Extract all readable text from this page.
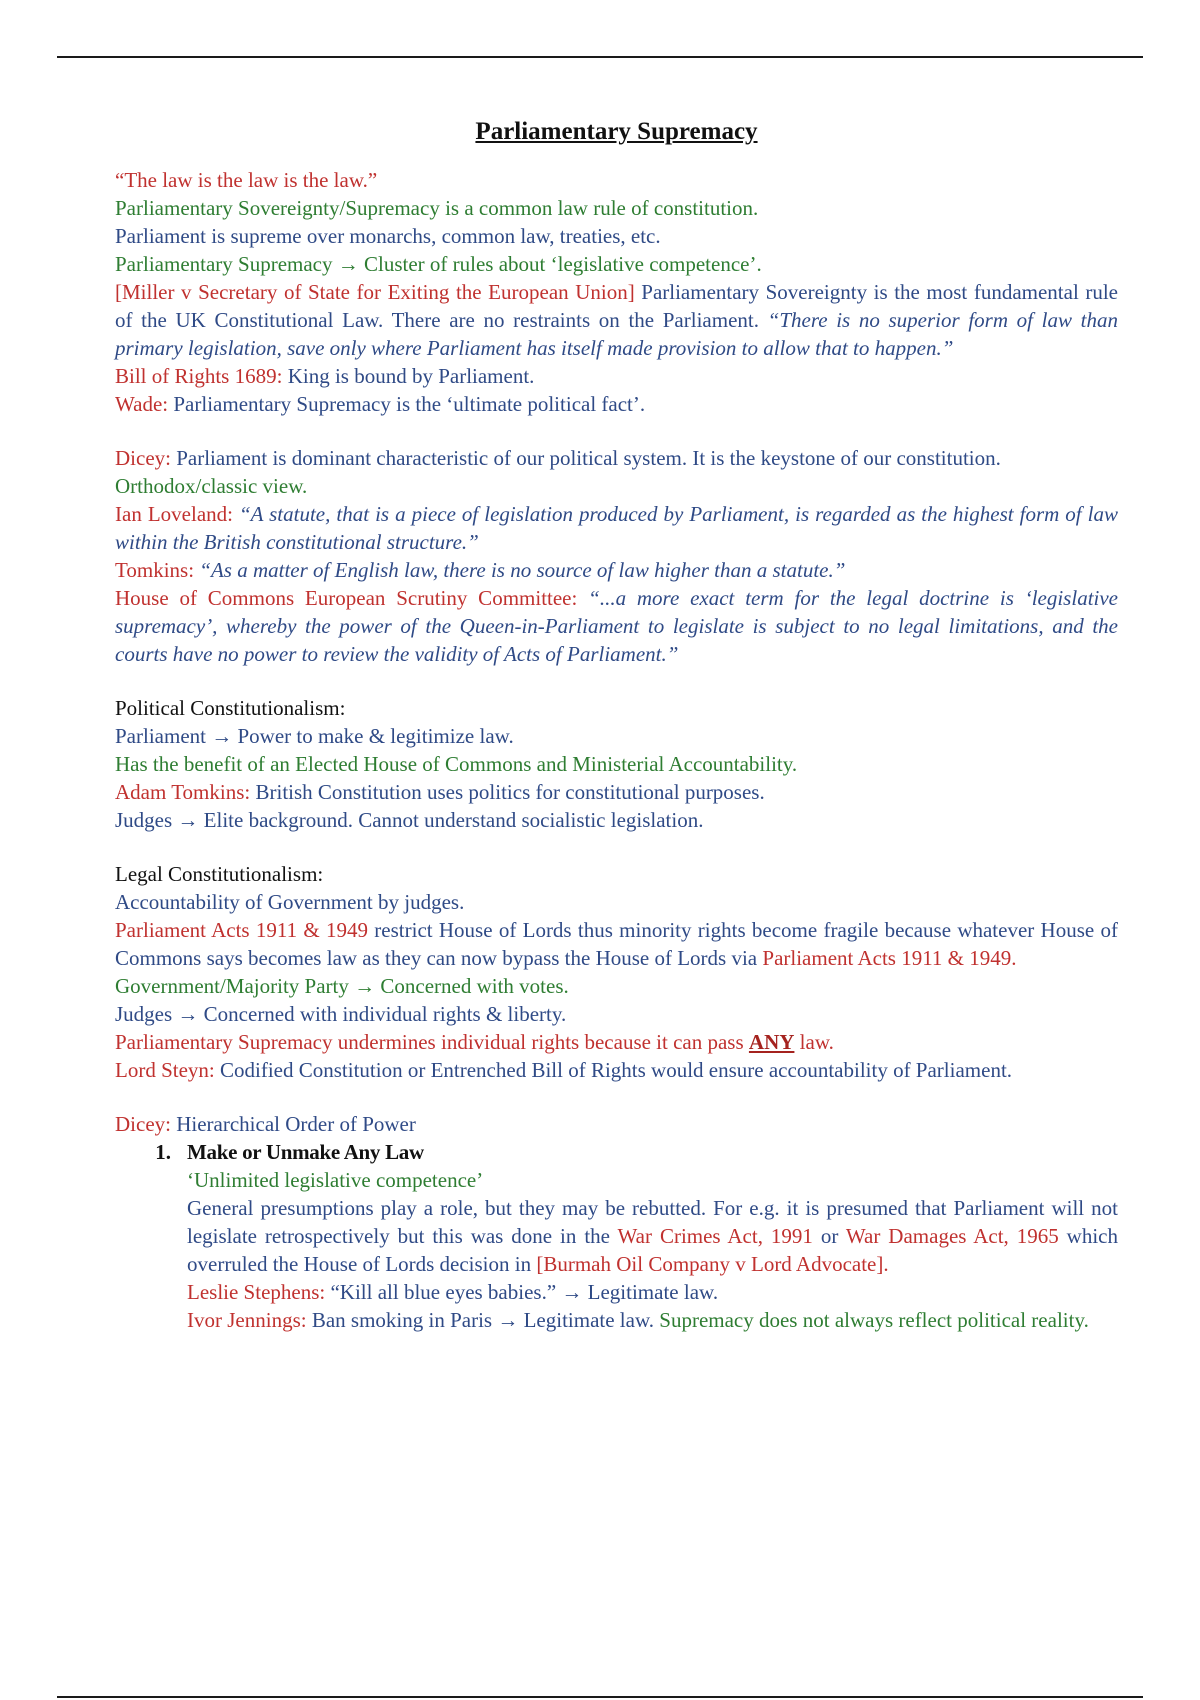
Parliamentary Supremacy

“The law is the law is the law.”

Parliamentary Sovereignty/Supremacy is a common law rule of constitution.

Parliament is supreme over monarchs, common law, treaties, etc.

Parliamentary Supremacy → Cluster of rules about ‘legislative competence’.

[Miller v Secretary of State for Exiting the European Union] Parliamentary Sovereignty is the most fundamental rule of the UK Constitutional Law. There are no restraints on the Parliament. “There is no superior form of law than primary legislation, save only where Parliament has itself made provision to allow that to happen.”

Bill of Rights 1689: King is bound by Parliament.

Wade: Parliamentary Supremacy is the ‘ultimate political fact’.

Dicey: Parliament is dominant characteristic of our political system. It is the keystone of our constitution.

Orthodox/classic view.

Ian Loveland: “A statute, that is a piece of legislation produced by Parliament, is regarded as the highest form of law within the British constitutional structure.”

Tomkins: “As a matter of English law, there is no source of law higher than a statute.”

House of Commons European Scrutiny Committee: “...a more exact term for the legal doctrine is ‘legislative supremacy’, whereby the power of the Queen-in-Parliament to legislate is subject to no legal limitations, and the courts have no power to review the validity of Acts of Parliament.”

Political Constitutionalism:

Parliament → Power to make & legitimize law.

Has the benefit of an Elected House of Commons and Ministerial Accountability.

Adam Tomkins: British Constitution uses politics for constitutional purposes.

Judges → Elite background. Cannot understand socialistic legislation.

Legal Constitutionalism:

Accountability of Government by judges.

Parliament Acts 1911 & 1949 restrict House of Lords thus minority rights become fragile because whatever House of Commons says becomes law as they can now bypass the House of Lords via Parliament Acts 1911 & 1949.

Government/Majority Party → Concerned with votes.

Judges → Concerned with individual rights & liberty.

Parliamentary Supremacy undermines individual rights because it can pass ANY law.

Lord Steyn: Codified Constitution or Entrenched Bill of Rights would ensure accountability of Parliament.

Dicey: Hierarchical Order of Power

1. Make or Unmake Any Law

‘Unlimited legislative competence’

General presumptions play a role, but they may be rebutted. For e.g. it is presumed that Parliament will not legislate retrospectively but this was done in the War Crimes Act, 1991 or War Damages Act, 1965 which overruled the House of Lords decision in [Burmah Oil Company v Lord Advocate].

Leslie Stephens: “Kill all blue eyes babies.” → Legitimate law.

Ivor Jennings: Ban smoking in Paris → Legitimate law. Supremacy does not always reflect political reality.
